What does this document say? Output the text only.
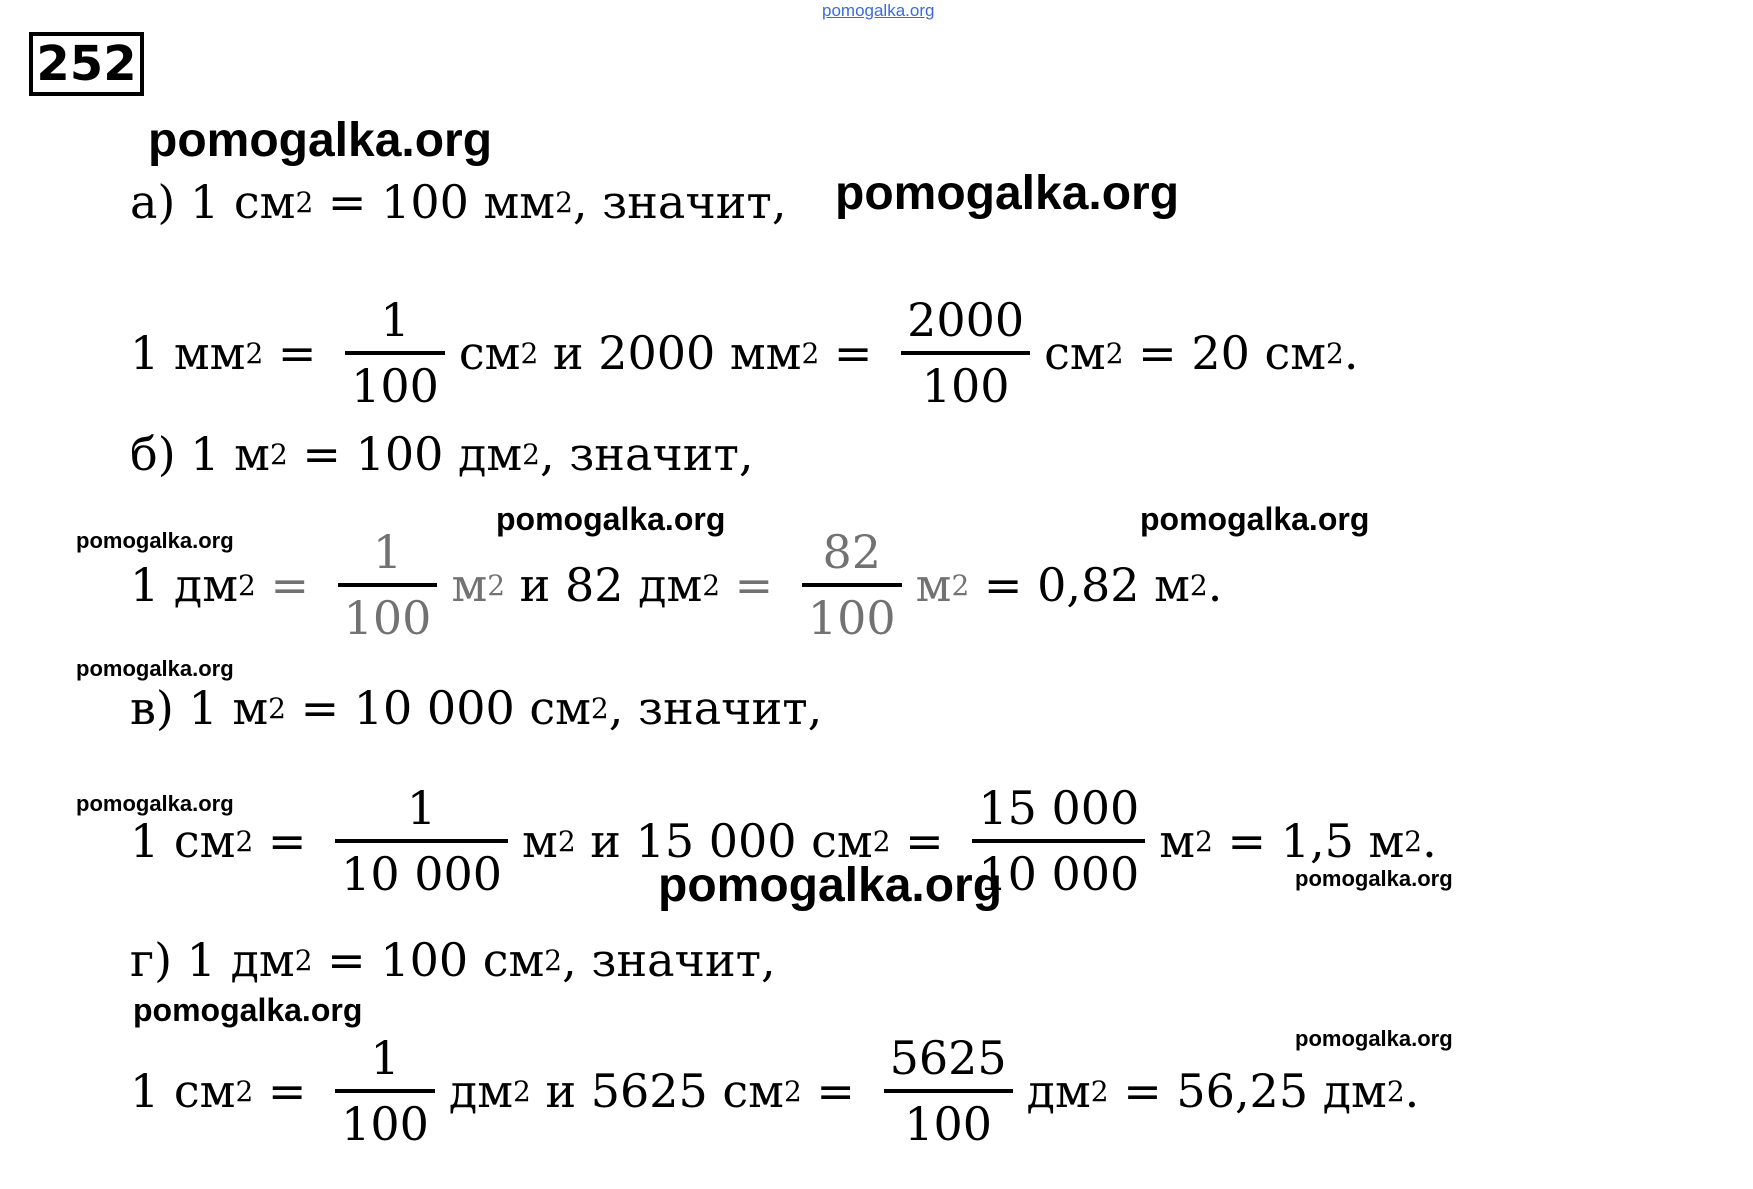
pomogalka.org
252
pomogalka.org
а)
1
см 2
=
100
мм 2 , значит, pomogalka.org
1 мм $2 = \frac{1}{100}$ см 2
и
2000 мм $2 = \frac{2000}{100}$ см 2 = 20 см 2 .
б)
1
м 2
=
100
дм 2 , значит,
pomogalka.org
pomogalka.org	pomogalka.org
1 дм $2 = \frac{1}{100}$ м 2
и
82 дм $2 = \frac{82}{100}$ м 2 = 0,82 м 2 .
pomogalka.org
в)
1
м 2
=
10 000
см 2 , значит,
pomogalka.org
1 см $2 = \frac{1}{10 000}$ м 2
и
15 000 см $2 = \frac{15 000}{10 000}$ м 2 = 1,5 м 2 .
pomogalka.org	pomogalka.org
г)
1
дм 2
=
100
см 2 , значит,
pomogalka.org
pomogalka.org
1 см $2 = \frac{1}{100}$ дм 2
и
5625 см $2 = \frac{5625}{100}$ дм 2 = 56,25 дм 2 .
